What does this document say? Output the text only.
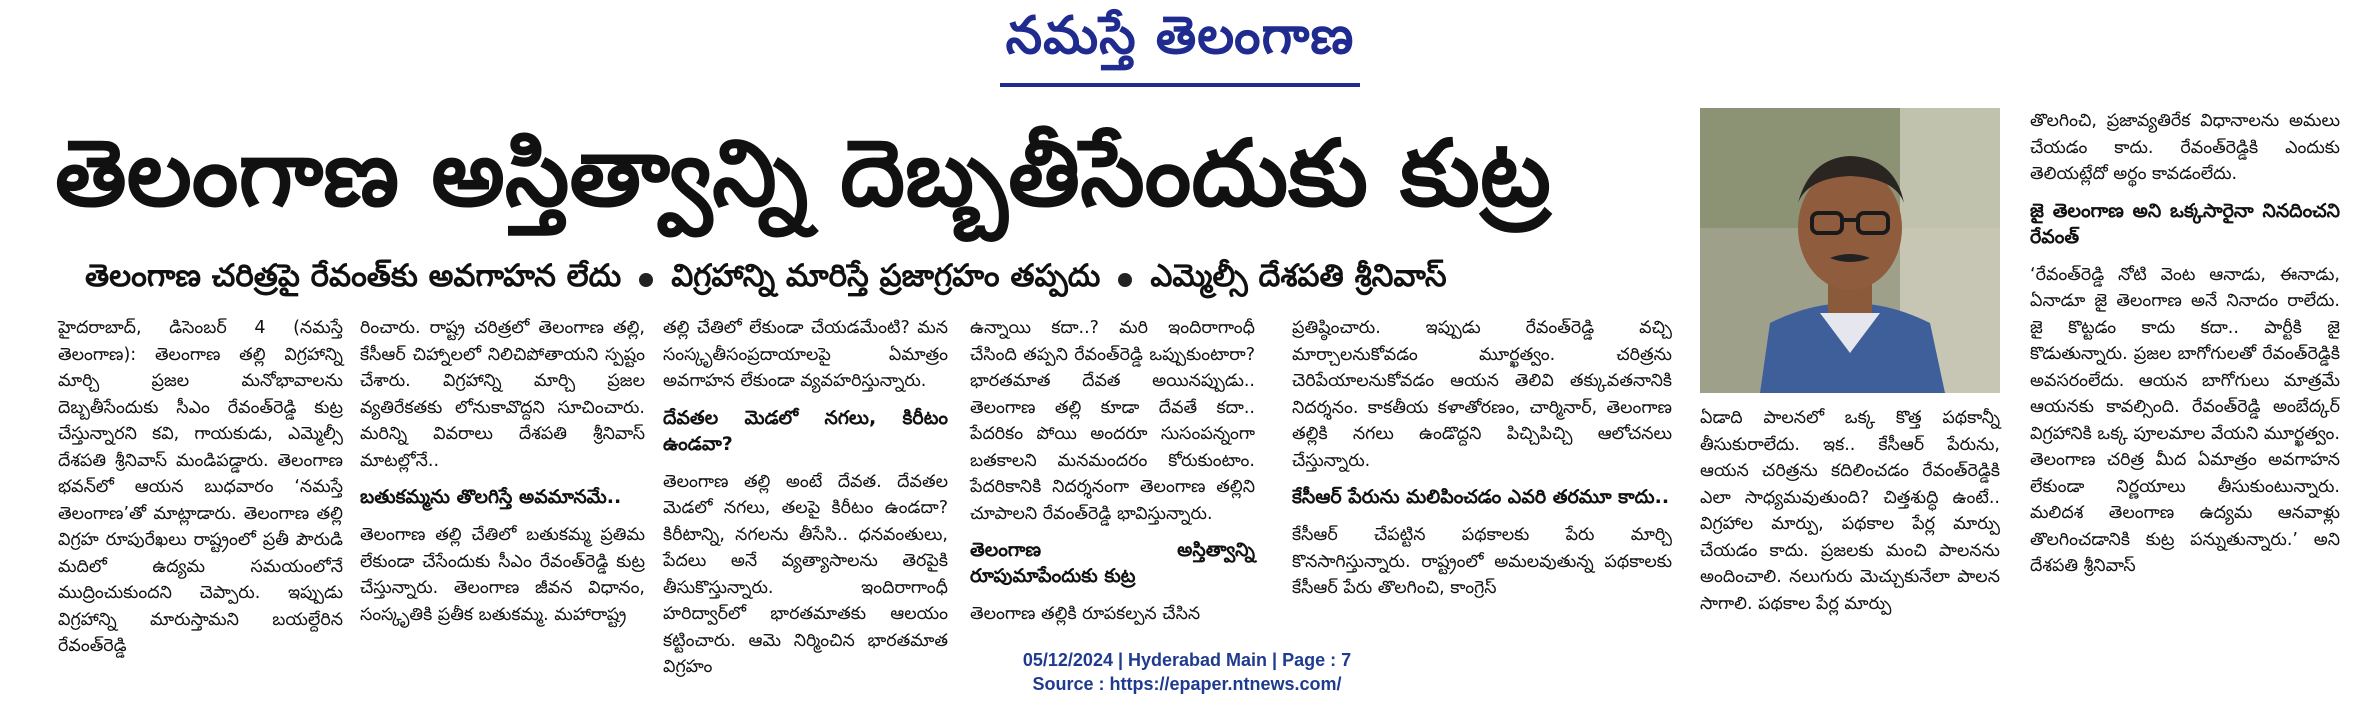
నమస్తే తెలంగాణ
తెలంగాణ అస్తిత్వాన్ని దెబ్బతీసేందుకు కుట్ర
తెలంగాణ చరిత్రపై రేవంత్‌కు అవగాహన లేదు విగ్రహాన్ని మారిస్తే ప్రజాగ్రహం తప్పదు ఎమ్మెల్సీ దేశపతి శ్రీనివాస్

హైదరాబాద్, డిసెంబర్ 4 (నమస్తే తెలంగాణ): తెలంగాణ తల్లి విగ్రహాన్ని మార్చి ప్రజల మనోభావాలను దెబ్బతీసేందుకు సీఎం రేవంత్‌రెడ్డి కుట్ర చేస్తున్నారని కవి, గాయకుడు, ఎమ్మెల్సీ దేశపతి శ్రీనివాస్ మండిపడ్డారు. తెలంగాణ భవన్‌లో ఆయన బుధవారం ‘నమస్తే తెలంగాణ’తో మాట్లాడారు. తెలంగాణ తల్లి విగ్రహ రూపురేఖలు రాష్ట్రంలో ప్రతీ పౌరుడి మదిలో ఉద్యమ సమయంలోనే ముద్రించుకుందని చెప్పారు. ఇప్పుడు విగ్రహాన్ని మారుస్తామని బయల్దేరిన రేవంత్‌రెడ్డి

రించారు. రాష్ట్ర చరిత్రలో తెలంగాణ తల్లి, కేసీఆర్ చిహ్నాలలో నిలిచిపోతాయని స్పష్టం చేశారు. విగ్రహాన్ని మార్చి ప్రజల వ్యతిరేకతకు లోనుకావొద్దని సూచించారు. మరిన్ని వివరాలు దేశపతి శ్రీనివాస్ మాటల్లోనే..

బతుకమ్మను తొలగిస్తే అవమానమే..

తెలంగాణ తల్లి చేతిలో బతుకమ్మ ప్రతిమ లేకుండా చేసేందుకు సీఎం రేవంత్‌రెడ్డి కుట్ర చేస్తున్నారు. తెలంగాణ జీవన విధానం, సంస్కృతికి ప్రతీక బతుకమ్మ. మహారాష్ట్ర

తల్లి చేతిలో లేకుండా చేయడమేంటి? మన సంస్కృతీసంప్రదాయాలపై ఏమాత్రం అవగాహన లేకుండా వ్యవహరిస్తున్నారు.

దేవతల మెడలో నగలు, కిరీటం ఉండవా?

తెలంగాణ తల్లి అంటే దేవత. దేవతల మెడలో నగలు, తలపై కిరీటం ఉండదా? కిరీటాన్ని, నగలను తీసేసి.. ధనవంతులు, పేదలు అనే వ్యత్యాసాలను తెరపైకి తీసుకొస్తున్నారు. ఇందిరాగాంధీ హరిద్వార్‌లో భారతమాతకు ఆలయం కట్టించారు. ఆమె నిర్మించిన భారతమాత విగ్రహం

ఉన్నాయి కదా..? మరి ఇందిరాగాంధీ చేసింది తప్పని రేవంత్‌రెడ్డి ఒప్పుకుంటారా? భారతమాత దేవత అయినప్పుడు.. తెలంగాణ తల్లి కూడా దేవతే కదా.. పేదరికం పోయి అందరూ సుసంపన్నంగా బతకాలని మనమందరం కోరుకుంటాం. పేదరికానికి నిదర్శనంగా తెలంగాణ తల్లిని చూపాలని రేవంత్‌రెడ్డి భావిస్తున్నారు.

తెలంగాణ అస్తిత్వాన్ని రూపుమాపేందుకు కుట్ర

తెలంగాణ తల్లికి రూపకల్పన చేసిన

ప్రతిష్ఠించారు. ఇప్పుడు రేవంత్‌రెడ్డి వచ్చి మార్చాలనుకోవడం మూర్ఖత్వం. చరిత్రను చెరిపేయాలనుకోవడం ఆయన తెలివి తక్కువతనానికి నిదర్శనం. కాకతీయ కళాతోరణం, చార్మినార్, తెలంగాణ తల్లికి నగలు ఉండొద్దని పిచ్చిపిచ్చి ఆలోచనలు చేస్తున్నారు.

కేసీఆర్ పేరును మలిపించడం ఎవరి తరమూ కాదు..

కేసీఆర్ చేపట్టిన పథకాలకు పేరు మార్చి కొనసాగిస్తున్నారు. రాష్ట్రంలో అమలవుతున్న పథకాలకు కేసీఆర్ పేరు తొలగించి, కాంగ్రెస్

ఏడాది పాలనలో ఒక్క కొత్త పథకాన్నీ తీసుకురాలేదు. ఇక.. కేసీఆర్ పేరును, ఆయన చరిత్రను కదిలించడం రేవంత్‌రెడ్డికి ఎలా సాధ్యమవుతుంది? చిత్తశుద్ధి ఉంటే.. విగ్రహాల మార్పు, పథకాల పేర్ల మార్పు చేయడం కాదు. ప్రజలకు మంచి పాలనను అందించాలి. నలుగురు మెచ్చుకునేలా పాలన సాగాలి. పథకాల పేర్ల మార్పు

తొలగించి, ప్రజావ్యతిరేక విధానాలను అమలు చేయడం కాదు. రేవంత్‌రెడ్డికి ఎందుకు తెలియట్లేదో అర్థం కావడంలేదు.

జై తెలంగాణ అని ఒక్కసారైనా నినదించని రేవంత్

‘రేవంత్‌రెడ్డి నోటి వెంట ఆనాడు, ఈనాడు, ఏనాడూ జై తెలంగాణ అనే నినాదం రాలేదు. జై కొట్టడం కాదు కదా.. పార్టీకి జై కొడుతున్నారు. ప్రజల బాగోగులతో రేవంత్‌రెడ్డికి అవసరంలేదు. ఆయన బాగోగులు మాత్రమే ఆయనకు కావల్సింది. రేవంత్‌రెడ్డి అంబేద్కర్ విగ్రహానికి ఒక్క పూలమాల వేయని మూర్ఖత్వం. తెలంగాణ చరిత్ర మీద ఏమాత్రం అవగాహన లేకుండా నిర్ణయాలు తీసుకుంటున్నారు. మలిదశ తెలంగాణ ఉద్యమ ఆనవాళ్లు తొలగించడానికి కుట్ర పన్నుతున్నారు.’ అని దేశపతి శ్రీనివాస్

05/12/2024 | Hyderabad Main | Page : 7
Source : https://epaper.ntnews.com/
